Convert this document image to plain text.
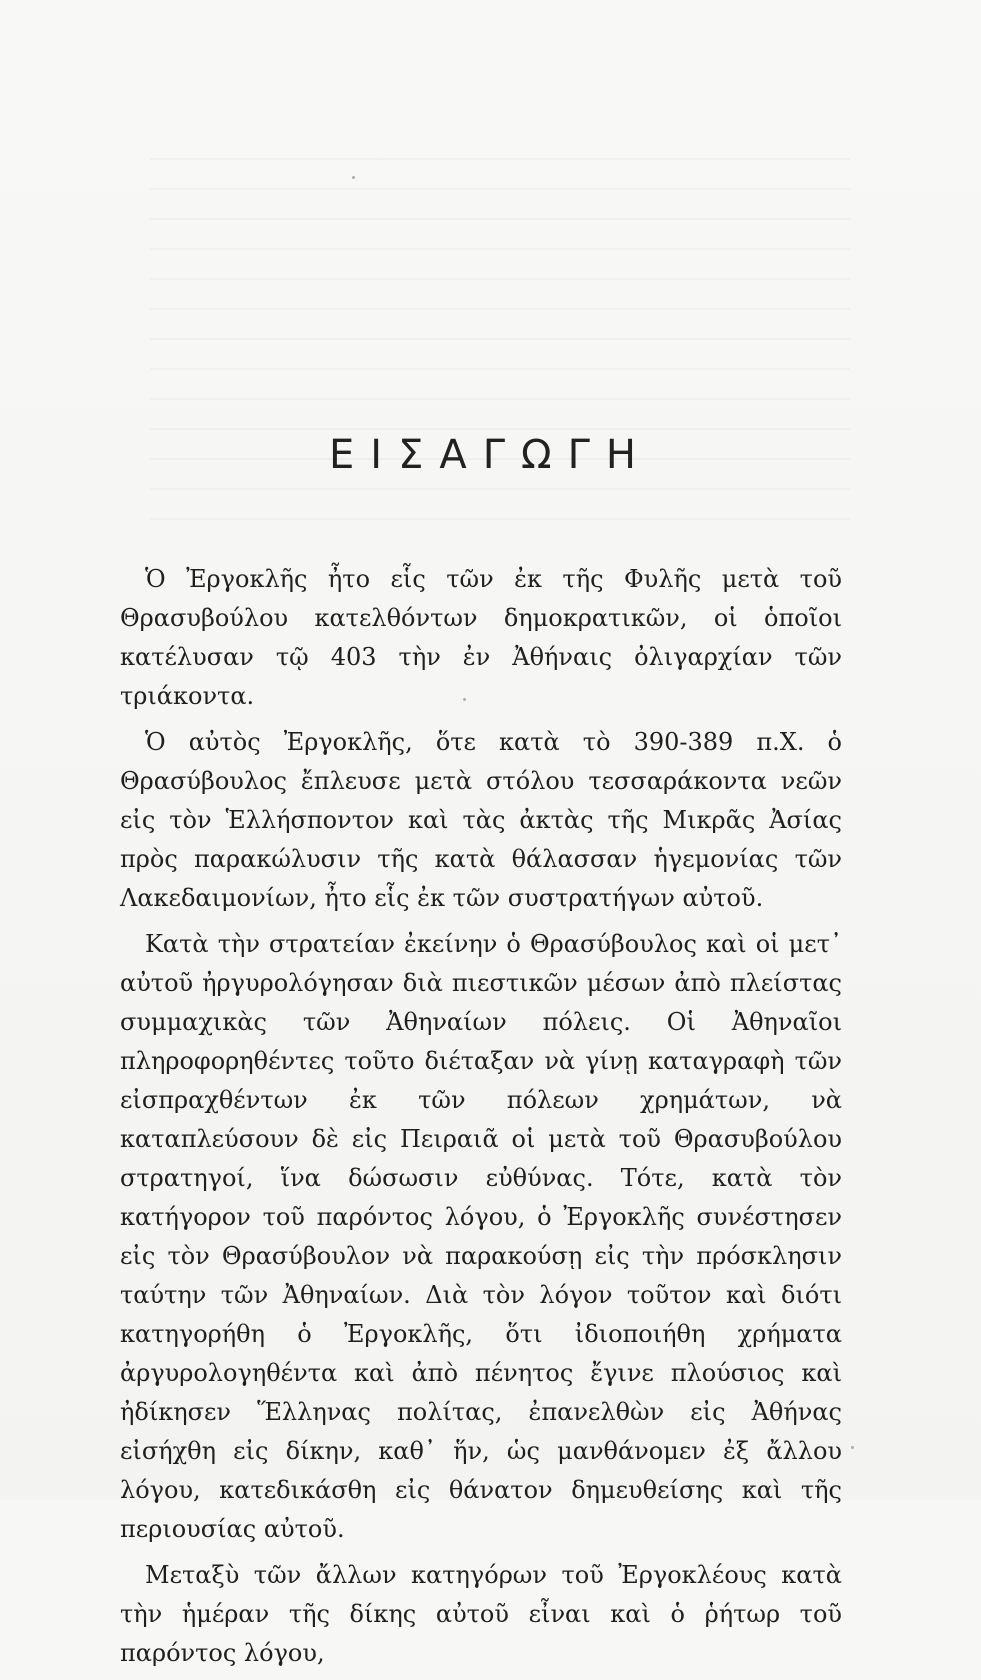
ΕΙΣΑΓΩΓΗ

Ὁ Ἐργοκλῆς ἦτο εἷς τῶν ἐκ τῆς Φυλῆς μετὰ τοῦ Θρασυβούλου κατελθόντων δημοκρατικῶν, οἱ ὁποῖοι κατέλυσαν τῷ 403 τὴν ἐν Ἀθήναις ὀλιγαρχίαν τῶν τριάκοντα.

Ὁ αὐτὸς Ἐργοκλῆς, ὅτε κατὰ τὸ 390-389 π.Χ. ὁ Θρασύβουλος ἔπλευσε μετὰ στόλου τεσσαράκοντα νεῶν εἰς τὸν Ἑλλήσποντον καὶ τὰς ἀκτὰς τῆς Μικρᾶς Ἀσίας πρὸς παρακώλυσιν τῆς κατὰ θάλασσαν ἡγεμονίας τῶν Λακεδαιμονίων, ἦτο εἷς ἐκ τῶν συστρατήγων αὐτοῦ.

Κατὰ τὴν στρατείαν ἐκείνην ὁ Θρασύβουλος καὶ οἱ μετ᾽ αὐτοῦ ἠργυρολόγησαν διὰ πιεστικῶν μέσων ἀπὸ πλείστας συμμαχικὰς τῶν Ἀθηναίων πόλεις. Οἱ Ἀθηναῖοι πληροφορηθέντες τοῦτο διέταξαν νὰ γίνῃ καταγραφὴ τῶν εἰσπραχθέντων ἐκ τῶν πόλεων χρημάτων, νὰ καταπλεύσουν δὲ εἰς Πειραιᾶ οἱ μετὰ τοῦ Θρασυβούλου στρατηγοί, ἵνα δώσωσιν εὐθύνας. Τότε, κατὰ τὸν κατήγορον τοῦ παρόντος λόγου, ὁ Ἐργοκλῆς συνέστησεν εἰς τὸν Θρασύβουλον νὰ παρακούσῃ εἰς τὴν πρόσκλησιν ταύτην τῶν Ἀθηναίων. Διὰ τὸν λόγον τοῦτον καὶ διότι κατηγορήθη ὁ Ἐργοκλῆς, ὅτι ἰδιοποιήθη χρήματα ἀργυρολογηθέντα καὶ ἀπὸ πένητος ἔγινε πλούσιος καὶ ἠδίκησεν Ἕλληνας πολίτας, ἐπανελθὼν εἰς Ἀθήνας εἰσήχθη εἰς δίκην, καθ᾽ ἥν, ὡς μανθάνομεν ἐξ ἄλλου λόγου, κατεδικάσθη εἰς θάνατον δημευθείσης καὶ τῆς περιουσίας αὐτοῦ.

Μεταξὺ τῶν ἄλλων κατηγόρων τοῦ Ἐργοκλέους κατὰ τὴν ἡμέραν τῆς δίκης αὐτοῦ εἶναι καὶ ὁ ῥήτωρ τοῦ παρόντος λόγου,
